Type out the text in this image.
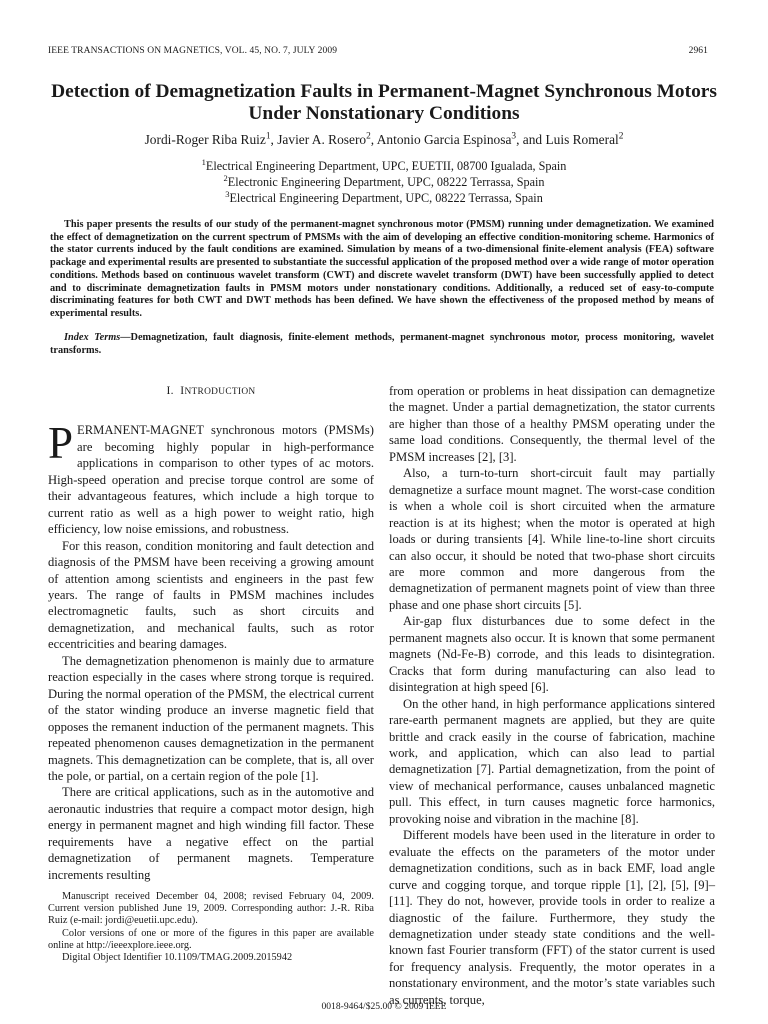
IEEE TRANSACTIONS ON MAGNETICS, VOL. 45, NO. 7, JULY 2009	2961
Detection of Demagnetization Faults in Permanent-Magnet Synchronous Motors Under Nonstationary Conditions
Jordi-Roger Riba Ruiz$^1$, Javier A. Rosero$^2$, Antonio Garcia Espinosa$^3$, and Luis Romeral$^2$
$^1$Electrical Engineering Department, UPC, EUETII, 08700 Igualada, Spain
$^2$Electronic Engineering Department, UPC, 08222 Terrassa, Spain
$^3$Electrical Engineering Department, UPC, 08222 Terrassa, Spain
This paper presents the results of our study of the permanent-magnet synchronous motor (PMSM) running under demagnetization. We examined the effect of demagnetization on the current spectrum of PMSMs with the aim of developing an effective condition-monitoring scheme. Harmonics of the stator currents induced by the fault conditions are examined. Simulation by means of a two-dimensional finite-element analysis (FEA) software package and experimental results are presented to substantiate the successful application of the proposed method over a wide range of motor operation conditions. Methods based on continuous wavelet transform (CWT) and discrete wavelet transform (DWT) have been successfully applied to detect and to discriminate demagnetization faults in PMSM motors under nonstationary conditions. Additionally, a reduced set of easy-to-compute discriminating features for both CWT and DWT methods has been defined. We have shown the effectiveness of the proposed method by means of experimental results.
Index Terms—Demagnetization, fault diagnosis, finite-element methods, permanent-magnet synchronous motor, process monitoring, wavelet transforms.
I. INTRODUCTION

PERMANENT-MAGNET synchronous motors (PMSMs) are becoming highly popular in high-performance applications in comparison to other types of ac motors. High-speed operation and precise torque control are some of their advantageous features, which include a high torque to current ratio as well as a high power to weight ratio, high efficiency, low noise emissions, and robustness.

For this reason, condition monitoring and fault detection and diagnosis of the PMSM have been receiving a growing amount of attention among scientists and engineers in the past few years. The range of faults in PMSM machines includes electromagnetic faults, such as short circuits and demagnetization, and mechanical faults, such as rotor eccentricities and bearing damages.

The demagnetization phenomenon is mainly due to armature reaction especially in the cases where strong torque is required. During the normal operation of the PMSM, the electrical current of the stator winding produce an inverse magnetic field that opposes the remanent induction of the permanent magnets. This repeated phenomenon causes demagnetization in the permanent magnets. This demagnetization can be complete, that is, all over the pole, or partial, on a certain region of the pole [1].

There are critical applications, such as in the automotive and aeronautic industries that require a compact motor design, high energy in permanent magnet and high winding fill factor. These requirements have a negative effect on the partial demagnetization of permanent magnets. Temperature increments resulting

from operation or problems in heat dissipation can demagnetize the magnet. Under a partial demagnetization, the stator currents are higher than those of a healthy PMSM operating under the same load conditions. Consequently, the thermal level of the PMSM increases [2], [3].

Also, a turn-to-turn short-circuit fault may partially demagnetize a surface mount magnet. The worst-case condition is when a whole coil is short circuited when the armature reaction is at its highest; when the motor is operated at high loads or during transients [4]. While line-to-line short circuits can also occur, it should be noted that two-phase short circuits are more common and more dangerous from the demagnetization of permanent magnets point of view than three phase and one phase short circuits [5].

Air-gap flux disturbances due to some defect in the permanent magnets also occur. It is known that some permanent magnets (Nd-Fe-B) corrode, and this leads to disintegration. Cracks that form during manufacturing can also lead to disintegration at high speed [6].

On the other hand, in high performance applications sintered rare-earth permanent magnets are applied, but they are quite brittle and crack easily in the course of fabrication, machine work, and application, which can also lead to partial demagnetization [7]. Partial demagnetization, from the point of view of mechanical performance, causes unbalanced magnetic pull. This effect, in turn causes magnetic force harmonics, provoking noise and vibration in the machine [8].

Different models have been used in the literature in order to evaluate the effects on the parameters of the motor under demagnetization conditions, such as in back EMF, load angle curve and cogging torque, and torque ripple [1], [2], [5], [9]–[11]. They do not, however, provide tools in order to realize a diagnostic of the failure. Furthermore, they study the demagnetization under steady state conditions and the well-known fast Fourier transform (FFT) of the stator current is used for frequency analysis. Frequently, the motor operates in a nonstationary environment, and the motor’s state variables such as currents, torque,

Manuscript received December 04, 2008; revised February 04, 2009. Current version published June 19, 2009. Corresponding author: J.-R. Riba Ruiz (e-mail: jordi@euetii.upc.edu).

Color versions of one or more of the figures in this paper are available online at http://ieeexplore.ieee.org.

Digital Object Identifier 10.1109/TMAG.2009.2015942

0018-9464/$25.00 © 2009 IEEE
